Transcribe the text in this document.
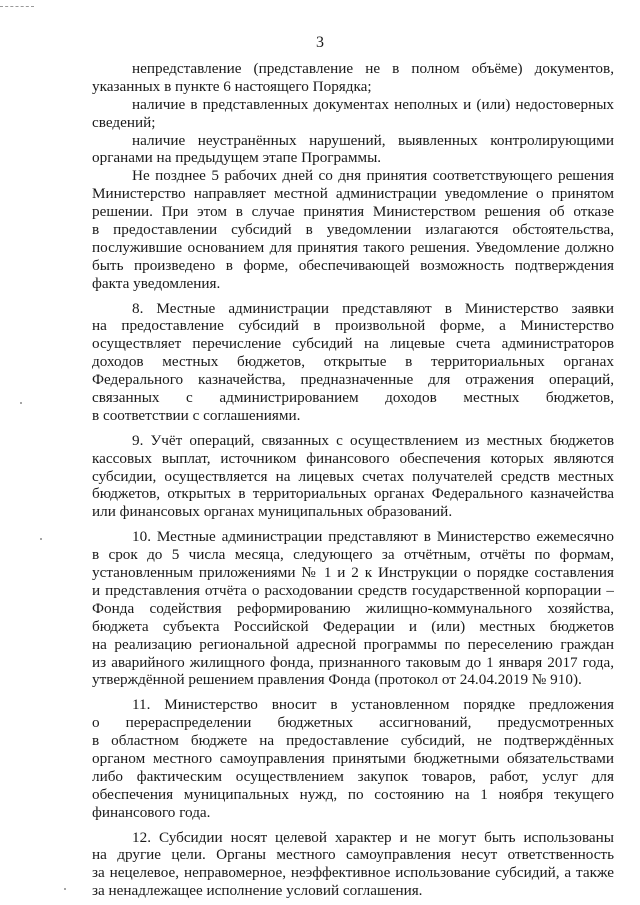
3
непредставление (представление не в полном объёме) документов,
указанных в пункте 6 настоящего Порядка;
наличие в представленных документах неполных и (или) недостоверных
сведений;
наличие неустранённых нарушений, выявленных контролирующими
органами на предыдущем этапе Программы.
Не позднее 5 рабочих дней со дня принятия соответствующего решения
Министерство направляет местной администрации уведомление о принятом
решении. При этом в случае принятия Министерством решения об отказе
в предоставлении субсидий в уведомлении излагаются обстоятельства,
послужившие основанием для принятия такого решения. Уведомление должно
быть произведено в форме, обеспечивающей возможность подтверждения
факта уведомления.
8. Местные администрации представляют в Министерство заявки
на предоставление субсидий в произвольной форме, а Министерство
осуществляет перечисление субсидий на лицевые счета администраторов
доходов местных бюджетов, открытые в территориальных органах
Федерального казначейства, предназначенные для отражения операций,
связанных с администрированием доходов местных бюджетов,
в соответствии с соглашениями.
9. Учёт операций, связанных с осуществлением из местных бюджетов
кассовых выплат, источником финансового обеспечения которых являются
субсидии, осуществляется на лицевых счетах получателей средств местных
бюджетов, открытых в территориальных органах Федерального казначейства
или финансовых органах муниципальных образований.
10. Местные администрации представляют в Министерство ежемесячно
в срок до 5 числа месяца, следующего за отчётным, отчёты по формам,
установленным приложениями № 1 и 2 к Инструкции о порядке составления
и представления отчёта о расходовании средств государственной корпорации –
Фонда содействия реформированию жилищно-коммунального хозяйства,
бюджета субъекта Российской Федерации и (или) местных бюджетов
на реализацию региональной адресной программы по переселению граждан
из аварийного жилищного фонда, признанного таковым до 1 января 2017 года,
утверждённой решением правления Фонда (протокол от 24.04.2019 № 910).
11. Министерство вносит в установленном порядке предложения
о перераспределении бюджетных ассигнований, предусмотренных
в областном бюджете на предоставление субсидий, не подтверждённых
органом местного самоуправления принятыми бюджетными обязательствами
либо фактическим осуществлением закупок товаров, работ, услуг для
обеспечения муниципальных нужд, по состоянию на 1 ноября текущего
финансового года.
12. Субсидии носят целевой характер и не могут быть использованы
на другие цели. Органы местного самоуправления несут ответственность
за нецелевое, неправомерное, неэффективное использование субсидий, а также
за ненадлежащее исполнение условий соглашения.
